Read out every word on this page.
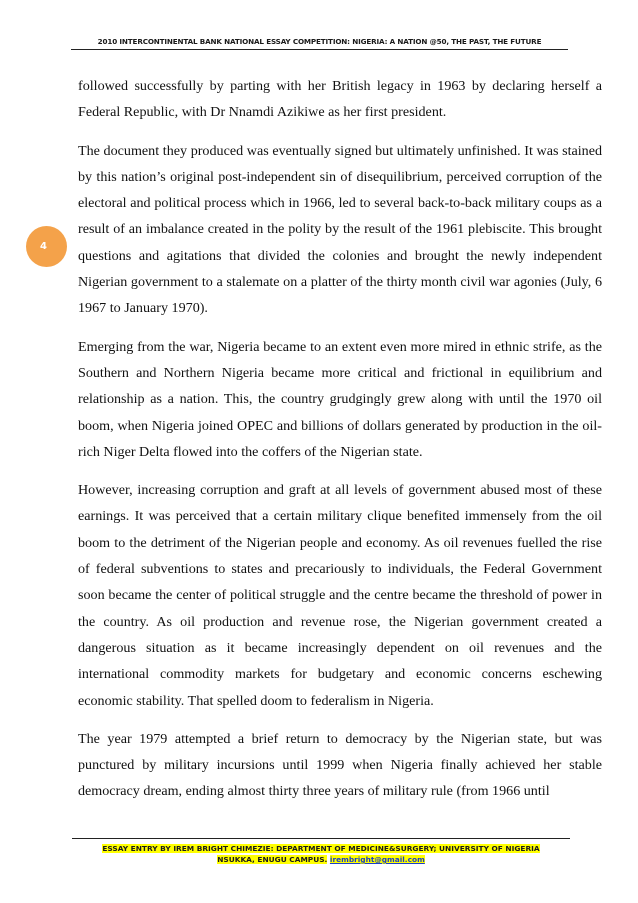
2010 INTERCONTINENTAL BANK NATIONAL ESSAY COMPETITION: NIGERIA: A NATION @50, THE PAST, THE FUTURE
4

followed successfully by parting with her British legacy in 1963 by declaring herself a Federal Republic, with Dr Nnamdi Azikiwe as her first president.

The document they produced was eventually signed but ultimately unfinished. It was stained by this nation’s original post-independent sin of disequilibrium, perceived corruption of the electoral and political process which in 1966, led to several back-to-back military coups as a result of an imbalance created in the polity by the result of the 1961 plebiscite. This brought questions and agitations that divided the colonies and brought the newly independent Nigerian government to a stalemate on a platter of the thirty month civil war agonies (July, 6 1967 to January 1970).

Emerging from the war, Nigeria became to an extent even more mired in ethnic strife, as the Southern and Northern Nigeria became more critical and frictional in equilibrium and relationship as a nation. This, the country grudgingly grew along with until the 1970 oil boom, when Nigeria joined OPEC and billions of dollars generated by production in the oil-rich Niger Delta flowed into the coffers of the Nigerian state.

However, increasing corruption and graft at all levels of government abused most of these earnings. It was perceived that a certain military clique benefited immensely from the oil boom to the detriment of the Nigerian people and economy. As oil revenues fuelled the rise of federal subventions to states and precariously to individuals, the Federal Government soon became the center of political struggle and the centre became the threshold of power in the country. As oil production and revenue rose, the Nigerian government created a dangerous situation as it became increasingly dependent on oil revenues and the international commodity markets for budgetary and economic concerns eschewing economic stability. That spelled doom to federalism in Nigeria.

The year 1979 attempted a brief return to democracy by the Nigerian state, but was punctured by military incursions until 1999 when Nigeria finally achieved her stable democracy dream, ending almost thirty three years of military rule (from 1966 until

ESSAY ENTRY BY IREM BRIGHT CHIMEZIE: DEPARTMENT OF MEDICINE&SURGERY; UNIVERSITY OF NIGERIA
NSUKKA, ENUGU CAMPUS. irembright@gmail.com
